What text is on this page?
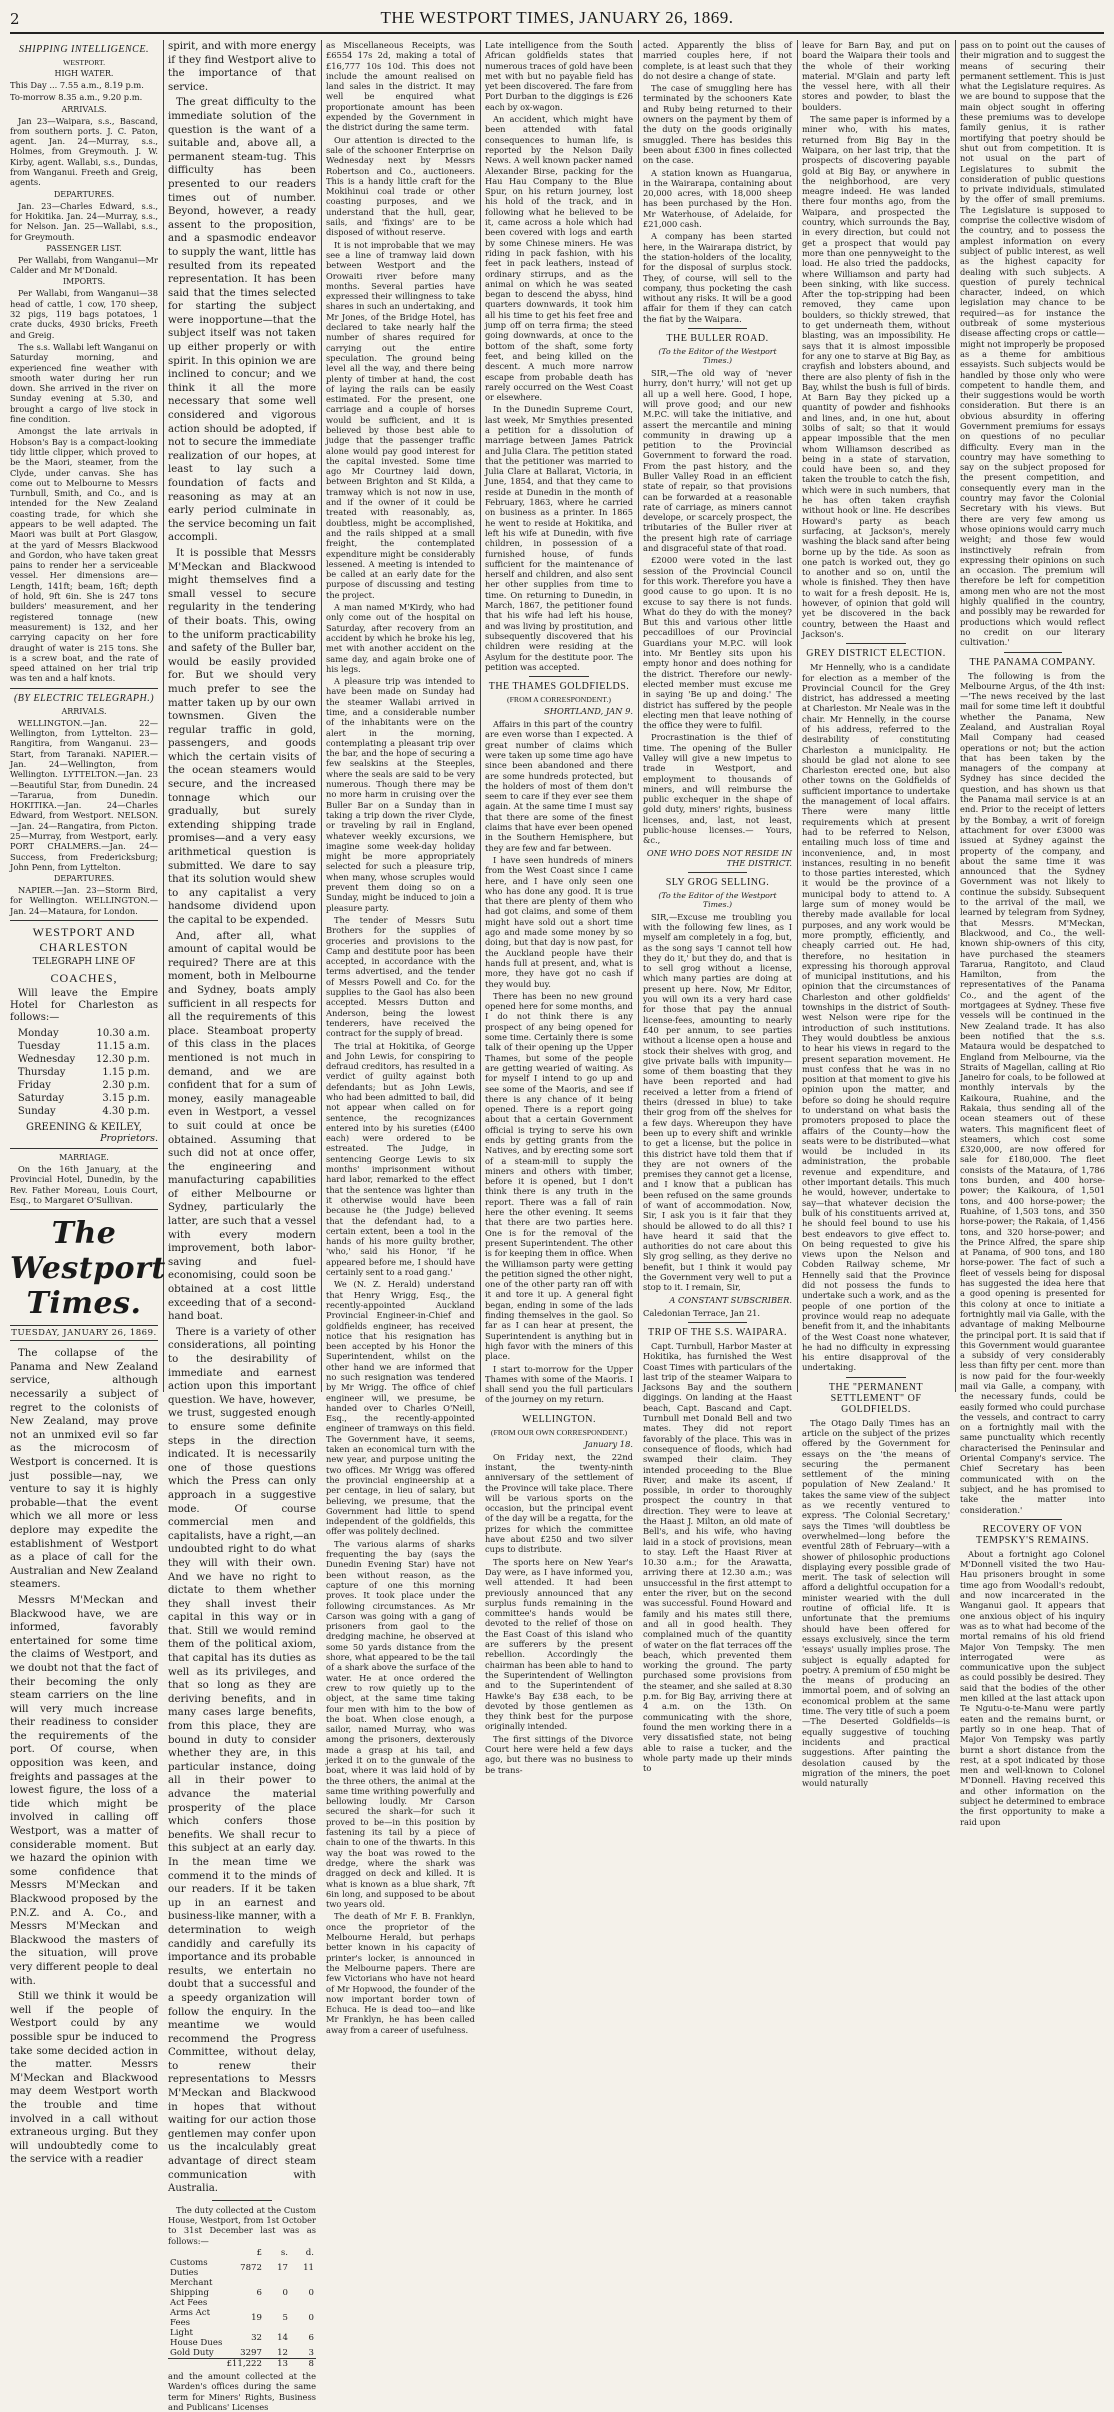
2	THE WESTPORT TIMES, JANUARY 26, 1869.
SHIPPING INTELLIGENCE.
WESTPORT.
HIGH WATER.

This Day ... 7.55 a.m., 8.19 p.m.

To-morrow 8.35 a.m., 9.20 p.m.

ARRIVALS.

Jan 23—Waipara, s.s., Bascand, from southern ports. J. C. Paton, agent. Jan. 24—Murray, s.s., Holmes, from Greymouth. J. W. Kirby, agent. Wallabi, s.s., Dundas, from Wanganui. Freeth and Greig, agents.

DEPARTURES.

Jan. 23—Charles Edward, s.s., for Hokitika. Jan. 24—Murray, s.s., for Nelson. Jan. 25—Wallabi, s.s., for Greymouth.

PASSENGER LIST.

Per Wallabi, from Wanganui—Mr Calder and Mr M'Donald.

IMPORTS.

Per Wallabi, from Wanganui—38 head of cattle, 1 cow, 170 sheep, 32 pigs, 119 bags potatoes, 1 crate ducks, 4930 bricks, Freeth and Greig.

The s.s. Wallabi left Wanganui on Saturday morning, and experienced fine weather with smooth water during her run down. She arrived in the river on Sunday evening at 5.30, and brought a cargo of live stock in fine condition.

Amongst the late arrivals in Hobson's Bay is a compact-looking tidy little clipper, which proved to be the Maori, steamer, from the Clyde, under canvas. She has come out to Melbourne to Messrs Turnbull, Smith, and Co., and is intended for the New Zealand coasting trade, for which she appears to be well adapted. The Maori was built at Port Glasgow, at the yard of Messrs Blackwood and Gordon, who have taken great pains to render her a serviceable vessel. Her dimensions are—Length, 141ft; beam, 16ft; depth of hold, 9ft 6in. She is 247 tons builders' measurement, and her registered tonnage (new measurement) is 132, and her carrying capacity on her fore draught of water is 215 tons. She is a screw boat, and the rate of speed attained on her trial trip was ten and a half knots.

(BY ELECTRIC TELEGRAPH.)
ARRIVALS.

WELLINGTON.—Jan. 22—Wellington, from Lyttelton. 23—Rangitira, from Wanganui. 23—Start, from Taranaki. NAPIER.—Jan. 24—Wellington, from Wellington. LYTTELTON.—Jan. 23—Beautiful Star, from Dunedin. 24—Tararua, from Dunedin. HOKITIKA.—Jan. 24—Charles Edward, from Westport. NELSON.—Jan. 24—Rangatira, from Picton. 25—Murray, from Westport, early. PORT CHALMERS.—Jan. 24—Success, from Fredericksburg; John Penn, from Lyttelton.

DEPARTURES.

NAPIER.—Jan. 23—Storm Bird, for Wellington. WELLINGTON.—Jan. 24—Mataura, for London.

WESTPORT AND CHARLESTON
TELEGRAPH LINE OF
COACHES,

Will leave the Empire Hotel for Charleston as follows:—

Monday	10.30 a.m.
Tuesday	11.15 a.m.
Wednesday	12.30 p.m.
Thursday	1.15 p.m.
Friday	2.30 p.m.
Saturday	3.15 p.m.
Sunday	4.30 p.m.
GREENING & KEILEY,
Proprietors.
MARRIAGE.

On the 16th January, at the Provincial Hotel, Dunedin, by the Rev. Father Moreau, Louis Court, Esq., to Margaret O'Sullivan.

The Westport Times.
TUESDAY, JANUARY 26, 1869.

The collapse of the Panama and New Zealand service, although necessarily a subject of regret to the colonists of New Zealand, may prove not an unmixed evil so far as the microcosm of Westport is concerned. It is just possible—nay, we venture to say it is highly probable—that the event which we all more or less deplore may expedite the establishment of Westport as a place of call for the Australian and New Zealand steamers.

Messrs M'Meckan and Blackwood have, we are informed, favorably entertained for some time the claims of Westport, and we doubt not that the fact of their becoming the only steam carriers on the line will very much increase their readiness to consider the requirements of the port. Of course, when opposition was keen, and freights and passages at the lowest figure, the loss of a tide which might be involved in calling off Westport, was a matter of considerable moment. But we hazard the opinion with some confidence that Messrs M'Meckan and Blackwood proposed by the P.N.Z. and A. Co., and Messrs M'Meckan and Blackwood the masters of the situation, will prove very different people to deal with.

Still we think it would be well if the people of Westport could by any possible spur be induced to take some decided action in the matter. Messrs M'Meckan and Blackwood may deem Westport worth the trouble and time involved in a call without extraneous urging. But they will undoubtedly come to the service with a readier

spirit, and with more energy if they find Westport alive to the importance of that service.

The great difficulty to the immediate solution of the question is the want of a suitable and, above all, a permanent steam-tug. This difficulty has been presented to our readers times out of number. Beyond, however, a ready assent to the proposition, and a spasmodic endeavor to supply the want, little has resulted from its repeated representation. It has been said that the times selected for starting the subject were inopportune—that the subject itself was not taken up either properly or with spirit. In this opinion we are inclined to concur; and we think it all the more necessary that some well considered and vigorous action should be adopted, if not to secure the immediate realization of our hopes, at least to lay such a foundation of facts and reasoning as may at an early period culminate in the service becoming un fait accompli.

It is possible that Messrs M'Meckan and Blackwood might themselves find a small vessel to secure regularity in the tendering of their boats. This, owing to the uniform practicability and safety of the Buller bar, would be easily provided for. But we should very much prefer to see the matter taken up by our own townsmen. Given the regular traffic in gold, passengers, and goods which the certain visits of the ocean steamers would secure, and the increased tonnage which our gradually, but surely extending shipping trade promises—and a very easy arithmetical question is submitted. We dare to say that its solution would shew to any capitalist a very handsome dividend upon the capital to be expended.

And, after all, what amount of capital would be required? There are at this moment, both in Melbourne and Sydney, boats amply sufficient in all respects for all the requirements of this place. Steamboat property of this class in the places mentioned is not much in demand, and we are confident that for a sum of money, easily manageable even in Westport, a vessel to suit could at once be obtained. Assuming that such did not at once offer, the engineering and manufacturing capabilities of either Melbourne or Sydney, particularly the latter, are such that a vessel with every modern improvement, both labor-saving and fuel-economising, could soon be obtained at a cost little exceeding that of a second-hand boat.

There is a variety of other considerations, all pointing to the desirability of immediate and earnest action upon this important question. We have, however, we trust, suggested enough to ensure some definite steps in the direction indicated. It is necessarily one of those questions which the Press can only approach in a suggestive mode. Of course commercial men and capitalists, have a right,—an undoubted right to do what they will with their own. And we have no right to dictate to them whether they shall invest their capital in this way or in that. Still we would remind them of the political axiom, that capital has its duties as well as its privileges, and that so long as they are deriving benefits, and in many cases large benefits, from this place, they are bound in duty to consider whether they are, in this particular instance, doing all in their power to advance the material prosperity of the place which confers those benefits. We shall recur to this subject at an early day. In the mean time we commend it to the minds of our readers. If it be taken up in an earnest and business-like manner, with a determination to weigh candidly and carefully its importance and its probable results, we entertain no doubt that a successful and a speedy organization will follow the enquiry. In the meantime we would recommend the Progress Committee, without delay, to renew their representations to Messrs M'Meckan and Blackwood in hopes that without waiting for our action those gentlemen may confer upon us the incalculably great advantage of direct steam communication with Australia.

The duty collected at the Custom House, Westport, from 1st October to 31st December last was as follows:—

	£	s.	d.
Customs Duties	7872	17	11
Merchant Shipping Act Fees	6	0	0
Arms Act Fees	19	5	0
Light House Dues	32	14	6
Gold Duty	3297	12	3
	£11,222	13	8

and the amount collected at the Warden's offices during the same term for Miners' Rights, Business and Publicans' Licenses

as Miscellaneous Receipts, was £6554 17s 2d, making a total of £16,777 10s 10d. This does not include the amount realised on land sales in the district. It may well be enquired what proportionate amount has been expended by the Government in the district during the same term.

Our attention is directed to the sale of the schooner Enterprise on Wednesday next by Messrs Robertson and Co., auctioneers. This is a handy little craft for the Mokihinui coal trade or other coasting purposes, and we understand that the hull, gear, sails, and 'fixings' are to be disposed of without reserve.

It is not improbable that we may see a line of tramway laid down between Westport and the Orowaiti river before many months. Several parties have expressed their willingness to take shares in such an undertaking, and Mr Jones, of the Bridge Hotel, has declared to take nearly half the number of shares required for carrying out the entire speculation. The ground being level all the way, and there being plenty of timber at hand, the cost of laying the rails can be easily estimated. For the present, one carriage and a couple of horses would be sufficient, and it is believed by those best able to judge that the passenger traffic alone would pay good interest for the capital invested. Some time ago Mr Courtney laid down, between Brighton and St Kilda, a tramway which is not now in use, and if the owner of it could be treated with reasonably, as, doubtless, might be accomplished, and the rails shipped at a small freight, the contemplated expenditure might be considerably lessened. A meeting is intended to be called at an early date for the purpose of discussing and testing the project.

A man named M'Kirdy, who had only come out of the hospital on Saturday, after recovery from an accident by which he broke his leg, met with another accident on the same day, and again broke one of his legs.

A pleasure trip was intended to have been made on Sunday had the steamer Wallabi arrived in time, and a considerable number of the inhabitants were on the alert in the morning, contemplating a pleasant trip over the bar, and the hope of securing a few sealskins at the Steeples, where the seals are said to be very numerous. Though there may be no more harm in cruising over the Buller Bar on a Sunday than in taking a trip down the river Clyde, or traveling by rail in England, whatever weekly excursions, we imagine some week-day holiday might be more appropriately selected for such a pleasure trip, when many, whose scruples would prevent them doing so on a Sunday, might be induced to join a pleasure party.

The tender of Messrs Sutu Brothers for the supplies of groceries and provisions to the Camp and destitute poor has been accepted, in accordance with the terms advertised, and the tender of Messrs Powell and Co. for the supplies to the Gaol has also been accepted. Messrs Dutton and Anderson, being the lowest tenderers, have received the contract for the supply of bread.

The trial at Hokitika, of George and John Lewis, for conspiring to defraud creditors, has resulted in a verdict of guilty against both defendants; but as John Lewis, who had been admitted to bail, did not appear when called on for sentence, the recognizances entered into by his sureties (£400 each) were ordered to be estreated. The Judge, in sentencing George Lewis to six months' imprisonment without hard labor, remarked to the effect that the sentence was lighter than it otherwise would have been because he (the Judge) believed that the defendant had, to a certain extent, been a tool in the hands of his more guilty brother, 'who,' said his Honor, 'if he appeared before me, I should have certainly sent to a road gang.'

We (N. Z. Herald) understand that Henry Wrigg, Esq., the recently-appointed Auckland Provincial Engineer-in-Chief and goldfields engineer, has received notice that his resignation has been accepted by his Honor the Superintendent, whilst on the other hand we are informed that no such resignation was tendered by Mr Wrigg. The office of chief engineer will, we presume, be handed over to Charles O'Neill, Esq., the recently-appointed engineer of tramways on this field. The Government have, it seems, taken an economical turn with the new year, and purpose uniting the two offices. Mr Wrigg was offered the provincial engineership at a per centage, in lieu of salary, but believing, we presume, that the Government had little to spend independent of the goldfields, this offer was politely declined.

The various alarms of sharks frequenting the bay (says the Dunedin Evening Star) have not been without reason, as the capture of one this morning proves. It took place under the following circumstances. As Mr Carson was going with a gang of prisoners from gaol to the dredging machine, he observed at some 50 yards distance from the shore, what appeared to be the tail of a shark above the surface of the water. He at once ordered the crew to row quietly up to the object, at the same time taking four men with him to the bow of the boat. When close enough, a sailor, named Murray, who was among the prisoners, dexterously made a grasp at his tail, and jerked it on to the gunwale of the boat, where it was laid hold of by the three others, the animal at the same time writhing powerfully and bellowing loudly. Mr Carson secured the shark—for such it proved to be—in this position by fastening its tail by a piece of chain to one of the thwarts. In this way the boat was rowed to the dredge, where the shark was dragged on deck and killed. It is what is known as a blue shark, 7ft 6in long, and supposed to be about two years old.

The death of Mr F. B. Franklyn, once the proprietor of the Melbourne Herald, but perhaps better known in his capacity of printer's locker, is announced in the Melbourne papers. There are few Victorians who have not heard of Mr Hopwood, the founder of the now important border town of Echuca. He is dead too—and like Mr Franklyn, he has been called away from a career of usefulness.

Late intelligence from the South African goldfields states that numerous traces of gold have been met with but no payable field has yet been discovered. The fare from Port Durban to the diggings is £26 each by ox-wagon.

An accident, which might have been attended with fatal consequences to human life, is reported by the Nelson Daily News. A well known packer named Alexander Birse, packing for the Hau Hau Company to the Blue Spur, on his return journey, lost his hold of the track, and in following what he believed to be it, came across a hole which had been covered with logs and earth by some Chinese miners. He was riding in pack fashion, with his feet in pack leathers, instead of ordinary stirrups, and as the animal on which he was seated began to descend the abyss, hind quarters downwards, it took him all his time to get his feet free and jump off on terra firma; the steed going downwards, at once to the bottom of the shaft, some forty feet, and being killed on the descent. A much more narrow escape from probable death has rarely occurred on the West Coast or elsewhere.

In the Dunedin Supreme Court, last week, Mr Smythies presented a petition for a dissolution of marriage between James Patrick and Julia Clara. The petition stated that the petitioner was married to Julia Clare at Ballarat, Victoria, in June, 1854, and that they came to reside at Dunedin in the month of February, 1863, where he carried on business as a printer. In 1865 he went to reside at Hokitika, and left his wife at Dunedin, with five children, in possession of a furnished house, of funds sufficient for the maintenance of herself and children, and also sent her other supplies from time to time. On returning to Dunedin, in March, 1867, the petitioner found that his wife had left his house, and was living by prostitution, and subsequently discovered that his children were residing at the Asylum for the destitute poor. The petition was accepted.

THE THAMES GOLDFIELDS.
(FROM A CORRESPONDENT.)
SHORTLAND, JAN 9.

Affairs in this part of the country are even worse than I expected. A great number of claims which were taken up some time ago have since been abandoned and there are some hundreds protected, but the holders of most of them don't seem to care if they ever see them again. At the same time I must say that there are some of the finest claims that have ever been opened in the Southern Hemisphere, but they are few and far between.

I have seen hundreds of miners from the West Coast since I came here, and I have only seen one who has done any good. It is true that there are plenty of them who had got claims, and some of them might have sold out a short time ago and made some money by so doing, but that day is now past, for the Auckland people have their hands full at present, and, what is more, they have got no cash if they would buy.

There has been no new ground opened here for some months, and I do not think there is any prospect of any being opened for some time. Certainly there is some talk of their opening up the Upper Thames, but some of the people are getting wearied of waiting. As for myself I intend to go up and see some of the Maoris, and see if there is any chance of it being opened. There is a report going about that a certain Government official is trying to serve his own ends by getting grants from the Natives, and by erecting some sort of a steam-mill to supply the miners and others with timber, before it is opened, but I don't think there is any truth in the report. There was a fall of rain here the other evening. It seems that there are two parties here. One is for the removal of the present Superintendent. The other is for keeping them in office. When the Williamson party were getting the petition signed the other night, one of the other party ran off with it and tore it up. A general fight began, ending in some of the lads finding themselves in the gaol. So far as I can hear at present, the Superintendent is anything but in high favor with the miners of this place.

I start to-morrow for the Upper Thames with some of the Maoris. I shall send you the full particulars of the journey on my return.

WELLINGTON.
(FROM OUR OWN CORRESPONDENT.)
January 18.

On Friday next, the 22nd instant, the twenty-ninth anniversary of the settlement of the Province will take place. There will be various sports on the occasion, but the principal event of the day will be a regatta, for the prizes for which the committee have about £250 and two silver cups to distribute.

The sports here on New Year's Day were, as I have informed you, well attended. It had been previously announced that any surplus funds remaining in the committee's hands would be devoted to the relief of those on the East Coast of this island who are sufferers by the present rebellion. Accordingly the chairman has been able to hand to the Superintendent of Wellington and to the Superintendent of Hawke's Bay £38 each, to be devoted by those gentlemen as they think best for the purpose originally intended.

The first sittings of the Divorce Court here were held a few days ago, but there was no business to be trans-

acted. Apparently the bliss of married couples here, if not complete, is at least such that they do not desire a change of state.

The case of smuggling here has terminated by the schooners Kate and Ruby being returned to their owners on the payment by them of the duty on the goods originally smuggled. There has besides this been about £300 in fines collected on the case.

A station known as Huangarua, in the Wairarapa, containing about 20,000 acres, with 18,000 sheep has been purchased by the Hon. Mr Waterhouse, of Adelaide, for £21,000 cash.

A company has been started here, in the Wairarapa district, by the station-holders of the locality, for the disposal of surplus stock. They, of course, will sell to the company, thus pocketing the cash without any risks. It will be a good affair for them if they can catch the fiat by the Waipara.

THE BULLER ROAD.
(To the Editor of the Westport Times.)

SIR,—The old way of 'never hurry, don't hurry,' will not get up all up a well here. Good, I hope, will prove good; and our new M.P.C. will take the initiative, and assert the mercantile and mining community in drawing up a petition to the Provincial Government to forward the road. From the past history, and the Buller Valley Road in an efficient state of repair, so that provisions can be forwarded at a reasonable rate of carriage, as miners cannot develope, or scarcely prospect, the tributaries of the Buller river at the present high rate of carriage and disgraceful state of that road.

£2000 were voted in the last session of the Provincial Council for this work. Therefore you have a good cause to go upon. It is no excuse to say there is not funds. What do they do with the money? But this and various other little peccadilloes of our Provincial Guardians your M.P.C. will look into. Mr Bentley sits upon his empty honor and does nothing for the district. Therefore our newly-elected member must excuse me in saying 'Be up and doing.' The district has suffered by the people electing men that leave nothing of the office they were to fulfil.

Procrastination is the thief of time. The opening of the Buller Valley will give a new impetus to trade in Westport, and employment to thousands of miners, and will reimburse the public exchequer in the shape of gold duty, miners' rights, business licenses, and, last, not least, public-house licenses.— Yours, &c.,

ONE WHO DOES NOT RESIDE IN THE DISTRICT.
SLY GROG SELLING.
(To the Editor of the Westport Times.)

SIR,—Excuse me troubling you with the following few lines, as I myself am completely in a fog, but, as the song says 'I cannot tell how they do it,' but they do, and that is to sell grog without a license, which many parties are doing at present up here. Now, Mr Editor, you will own its a very hard case for those that pay the annual license-fees, amounting to nearly £40 per annum, to see parties without a license open a house and stock their shelves with grog, and give private balls with impunity—some of them boasting that they have been reported and had received a letter from a friend of theirs (dressed in blue) to take their grog from off the shelves for a few days. Whereupon they have been up to every shift and wrinkle to get a license, but the police in this district have told them that if they are not owners of the premises they cannot get a license, and I know that a publican has been refused on the same grounds of want of accommodation. Now, Sir, I ask you is it fair that they should be allowed to do all this? I have heard it said that the authorities do not care about this Sly grog selling, as they derive no benefit, but I think it would pay the Government very well to put a stop to it. I remain, Sir,

A CONSTANT SUBSCRIBER.

Caledonian Terrace, Jan 21.

TRIP OF THE S.S. WAIPARA.

Capt. Turnbull, Harbor Master at Hokitika, has furnished the West Coast Times with particulars of the last trip of the steamer Waipara to Jacksons Bay and the southern diggings. On landing at the Haast beach, Capt. Bascand and Capt. Turnbull met Donald Bell and two mates. They did not report favorably of the place. This was in consequence of floods, which had swamped their claim. They intended proceeding to the Blue River, and make its ascent, if possible, in order to thoroughly prospect the country in that direction. They were to leave at the Haast J. Milton, an old mate of Bell's, and his wife, who having laid in a stock of provisions, mean to stay. Left the Haast River at 10.30 a.m.; for the Arawatta, arriving there at 12.30 a.m.; was unsuccessful in the first attempt to enter the river, but on the second was successful. Found Howard and family and his mates still there, and all in good health. They complained much of the quantity of water on the flat terraces off the beach, which prevented them working the ground. The party purchased some provisions from the steamer, and she sailed at 8.30 p.m. for Big Bay, arriving there at 4 a.m. on the 13th. On communicating with the shore, found the men working there in a very dissatisfied state, not being able to raise a tucker, and the whole party made up their minds to

leave for Barn Bay, and put on board the Waipara their tools and the whole of their working material. M'Glain and party left the vessel here, with all their stores and powder, to blast the boulders.

The same paper is informed by a miner who, with his mates, returned from Big Bay in the Waipara, on her last trip, that the prospects of discovering payable gold at Big Bay, or anywhere in the neighborhood, are very meagre indeed. He was landed there four months ago, from the Waipara, and prospected the country, which surrounds the Bay, in every direction, but could not get a prospect that would pay more than one pennyweight to the load. He also tried the paddocks, where Williamson and party had been sinking, with like success. After the top-stripping had been removed, they came upon boulders, so thickly strewed, that to get underneath them, without blasting, was an impossibility. He says that it is almost impossible for any one to starve at Big Bay, as crayfish and lobsters abound, and there are also plenty of fish in the Bay, whilst the bush is full of birds. At Barn Bay they picked up a quantity of powder and fishhooks and lines, and, in one hut, about 30lbs of salt; so that it would appear impossible that the men whom Williamson described as being in a state of starvation, could have been so, and they taken the trouble to catch the fish, which were in such numbers, that he has often taken crayfish without hook or line. He describes Howard's party as beach surfacing, at Jackson's, merely washing the black sand after being borne up by the tide. As soon as one patch is worked out, they go to another and so on, until the whole is finished. They then have to wait for a fresh deposit. He is, however, of opinion that gold will yet be discovered in the back country, between the Haast and Jackson's.

GREY DISTRICT ELECTION.

Mr Hennelly, who is a candidate for election as a member of the Provincial Council for the Grey district, has addressed a meeting at Charleston. Mr Neale was in the chair. Mr Hennelly, in the course of his address, referred to the desirability of constituting Charleston a municipality. He should be glad not alone to see Charleston erected one, but also other towns on the Goldfields of sufficient importance to undertake the management of local affairs. There were many little requirements which at present had to be referred to Nelson, entailing much loss of time and inconvenience, and, in most instances, resulting in no benefit to those parties interested, which it would be the province of a municipal body to attend to. A large sum of money would be thereby made available for local purposes, and any work would be more promptly, efficiently, and cheaply carried out. He had, therefore, no hesitation in expressing his thorough approval of municipal institutions, and his opinion that the circumstances of Charleston and other goldfields' townships in the district of South-west Nelson were ripe for the introduction of such institutions. They would doubtless be anxious to hear his views in regard to the present separation movement. He must confess that he was in no position at that moment to give his opinion upon the matter, and before so doing he should require to understand on what basis the promoters proposed to place the affairs of the County—how the seats were to be distributed—what would be included in its administration, the probable revenue and expenditure, and other important details. This much he would, however, undertake to say—that whatever decision the bulk of his constituents arrived at, he should feel bound to use his best endeavors to give effect to. On being requested to give his views upon the Nelson and Cobden Railway scheme, Mr Hennelly said that the Province did not possess the funds to undertake such a work, and as the people of one portion of the province would reap no adequate benefit from it, and the inhabitants of the West Coast none whatever, he had no difficulty in expressing his entire disapproval of the undertaking.

THE "PERMANENT SETTLEMENT" OF GOLDFIELDS.

The Otago Daily Times has an article on the subject of the prizes offered by the Government for essays on the 'the means of securing the permanent settlement of the mining population of New Zealand.' It takes the same view of the subject as we recently ventured to express. 'The Colonial Secretary,' says the Times 'will doubtless be overwhelmed—long before the eventful 28th of February—with a shower of philosophic productions displaying every possible grade of merit. The task of selection will afford a delightful occupation for a minister wearied with the dull routine of official life. It is unfortunate that the premiums should have been offered for essays exclusively, since the term 'essays' usually implies prose. The subject is equally adapted for poetry. A premium of £50 might be the means of producing an immortal poem, and of solving an economical problem at the same time. The very title of such a poem—The Deserted Goldfields—is equally suggestive of touching incidents and practical suggestions. After painting the desolation caused by the migration of the miners, the poet would naturally

pass on to point out the causes of their migration and to suggest the means of securing their permanent settlement. This is just what the Legislature requires. As we are bound to suppose that the main object sought in offering these premiums was to develope family genius, it is rather mortifying that poetry should be shut out from competition. It is not usual on the part of Legislatures to submit the consideration of public questions to private individuals, stimulated by the offer of small premiums. The Legislature is supposed to comprise the collective wisdom of the country, and to possess the amplest information on every subject of public interest, as well as the highest capacity for dealing with such subjects. A question of purely technical character, indeed, on which legislation may chance to be required—as for instance the outbreak of some mysterious disease affecting crops or cattle—might not improperly be proposed as a theme for ambitious essayists. Such subjects would be handled by those only who were competent to handle them, and their suggestions would be worth consideration. But there is an obvious absurdity in offering Government premiums for essays on questions of no peculiar difficulty. Every man in the country may have something to say on the subject proposed for the present competition, and consequently every man in the country may favor the Colonial Secretary with his views. But there are very few among us whose opinions would carry much weight; and those few would instinctively refrain from expressing their opinions on such an occasion. The premium will therefore be left for competition among men who are not the most highly qualified in the country, and possibly may be rewarded for productions which would reflect no credit on our literary cultivation.'

THE PANAMA COMPANY.

The following is from the Melbourne Argus, of the 4th inst:—'The news received by the last mail for some time left it doubtful whether the Panama, New Zealand, and Australian Royal Mail Company had ceased operations or not; but the action that has been taken by the managers of the company at Sydney has since decided the question, and has shown us that the Panama mail service is at an end. Prior to the receipt of letters by the Bombay, a writ of foreign attachment for over £3000 was issued at Sydney against the property of the company, and about the same time it was announced that the Sydney Government was not likely to continue the subsidy. Subsequent to the arrival of the mail, we learned by telegram from Sydney, that Messrs. M'Meckan, Blackwood, and Co., the well-known ship-owners of this city, have purchased the steamers Tararua, Rangitoto, and Claud Hamilton, from the representatives of the Panama Co., and the agent of the mortgagees at Sydney. These five vessels will be continued in the New Zealand trade. It has also been notified that the s.s. Mataura would be despatched to England from Melbourne, via the Straits of Magellan, calling at Rio Janeiro for coals, to be followed at monthly intervals by the Kaikoura, Ruahine, and the Rakaia, thus sending all of the ocean steamers out of these waters. This magnificent fleet of steamers, which cost some £320,000, are now offered for sale for £180,000. The fleet consists of the Mataura, of 1,786 tons burden, and 400 horse-power; the Kaikoura, of 1,501 tons, and 400 horse-power; the Ruahine, of 1,503 tons, and 350 horse-power; the Rakaia, of 1,456 tons, and 320 horse-power; and the Prince Alfred, the spare ship at Panama, of 900 tons, and 180 horse-power. The fact of such a fleet of vessels being for disposal has suggested the idea here that a good opening is presented for this colony at once to initiate a fortnightly mail via Galle, with the advantage of making Melbourne the principal port. It is said that if this Government would guarantee a subsidy of very considerably less than fifty per cent. more than is now paid for the four-weekly mail via Galle, a company, with the necessary funds, could be easily formed who could purchase the vessels, and contract to carry on a fortnightly mail with the same punctuality which recently characterised the Peninsular and Oriental Company's service. The Chief Secretary has been communicated with on the subject, and he has promised to take the matter into consideration.'

RECOVERY OF VON TEMPSKY'S REMAINS.

About a fortnight ago Colonel M'Donnell visited the two Hau-Hau prisoners brought in some time ago from Woodall's redoubt, and now incarcerated in the Wanganui gaol. It appears that one anxious object of his inquiry was as to what had become of the mortal remains of his old friend Major Von Tempsky. The men interrogated were as communicative upon the subject as could possibly be desired. They said that the bodies of the other men killed at the last attack upon Te Ngutu-o-te-Manu were partly eaten and the remains burnt, or partly so in one heap. That of Major Von Tempsky was partly burnt a short distance from the rest, at a spot indicated by those men and well-known to Colonel M'Donnell. Having received this and other information on the subject he determined to embrace the first opportunity to make a raid upon
